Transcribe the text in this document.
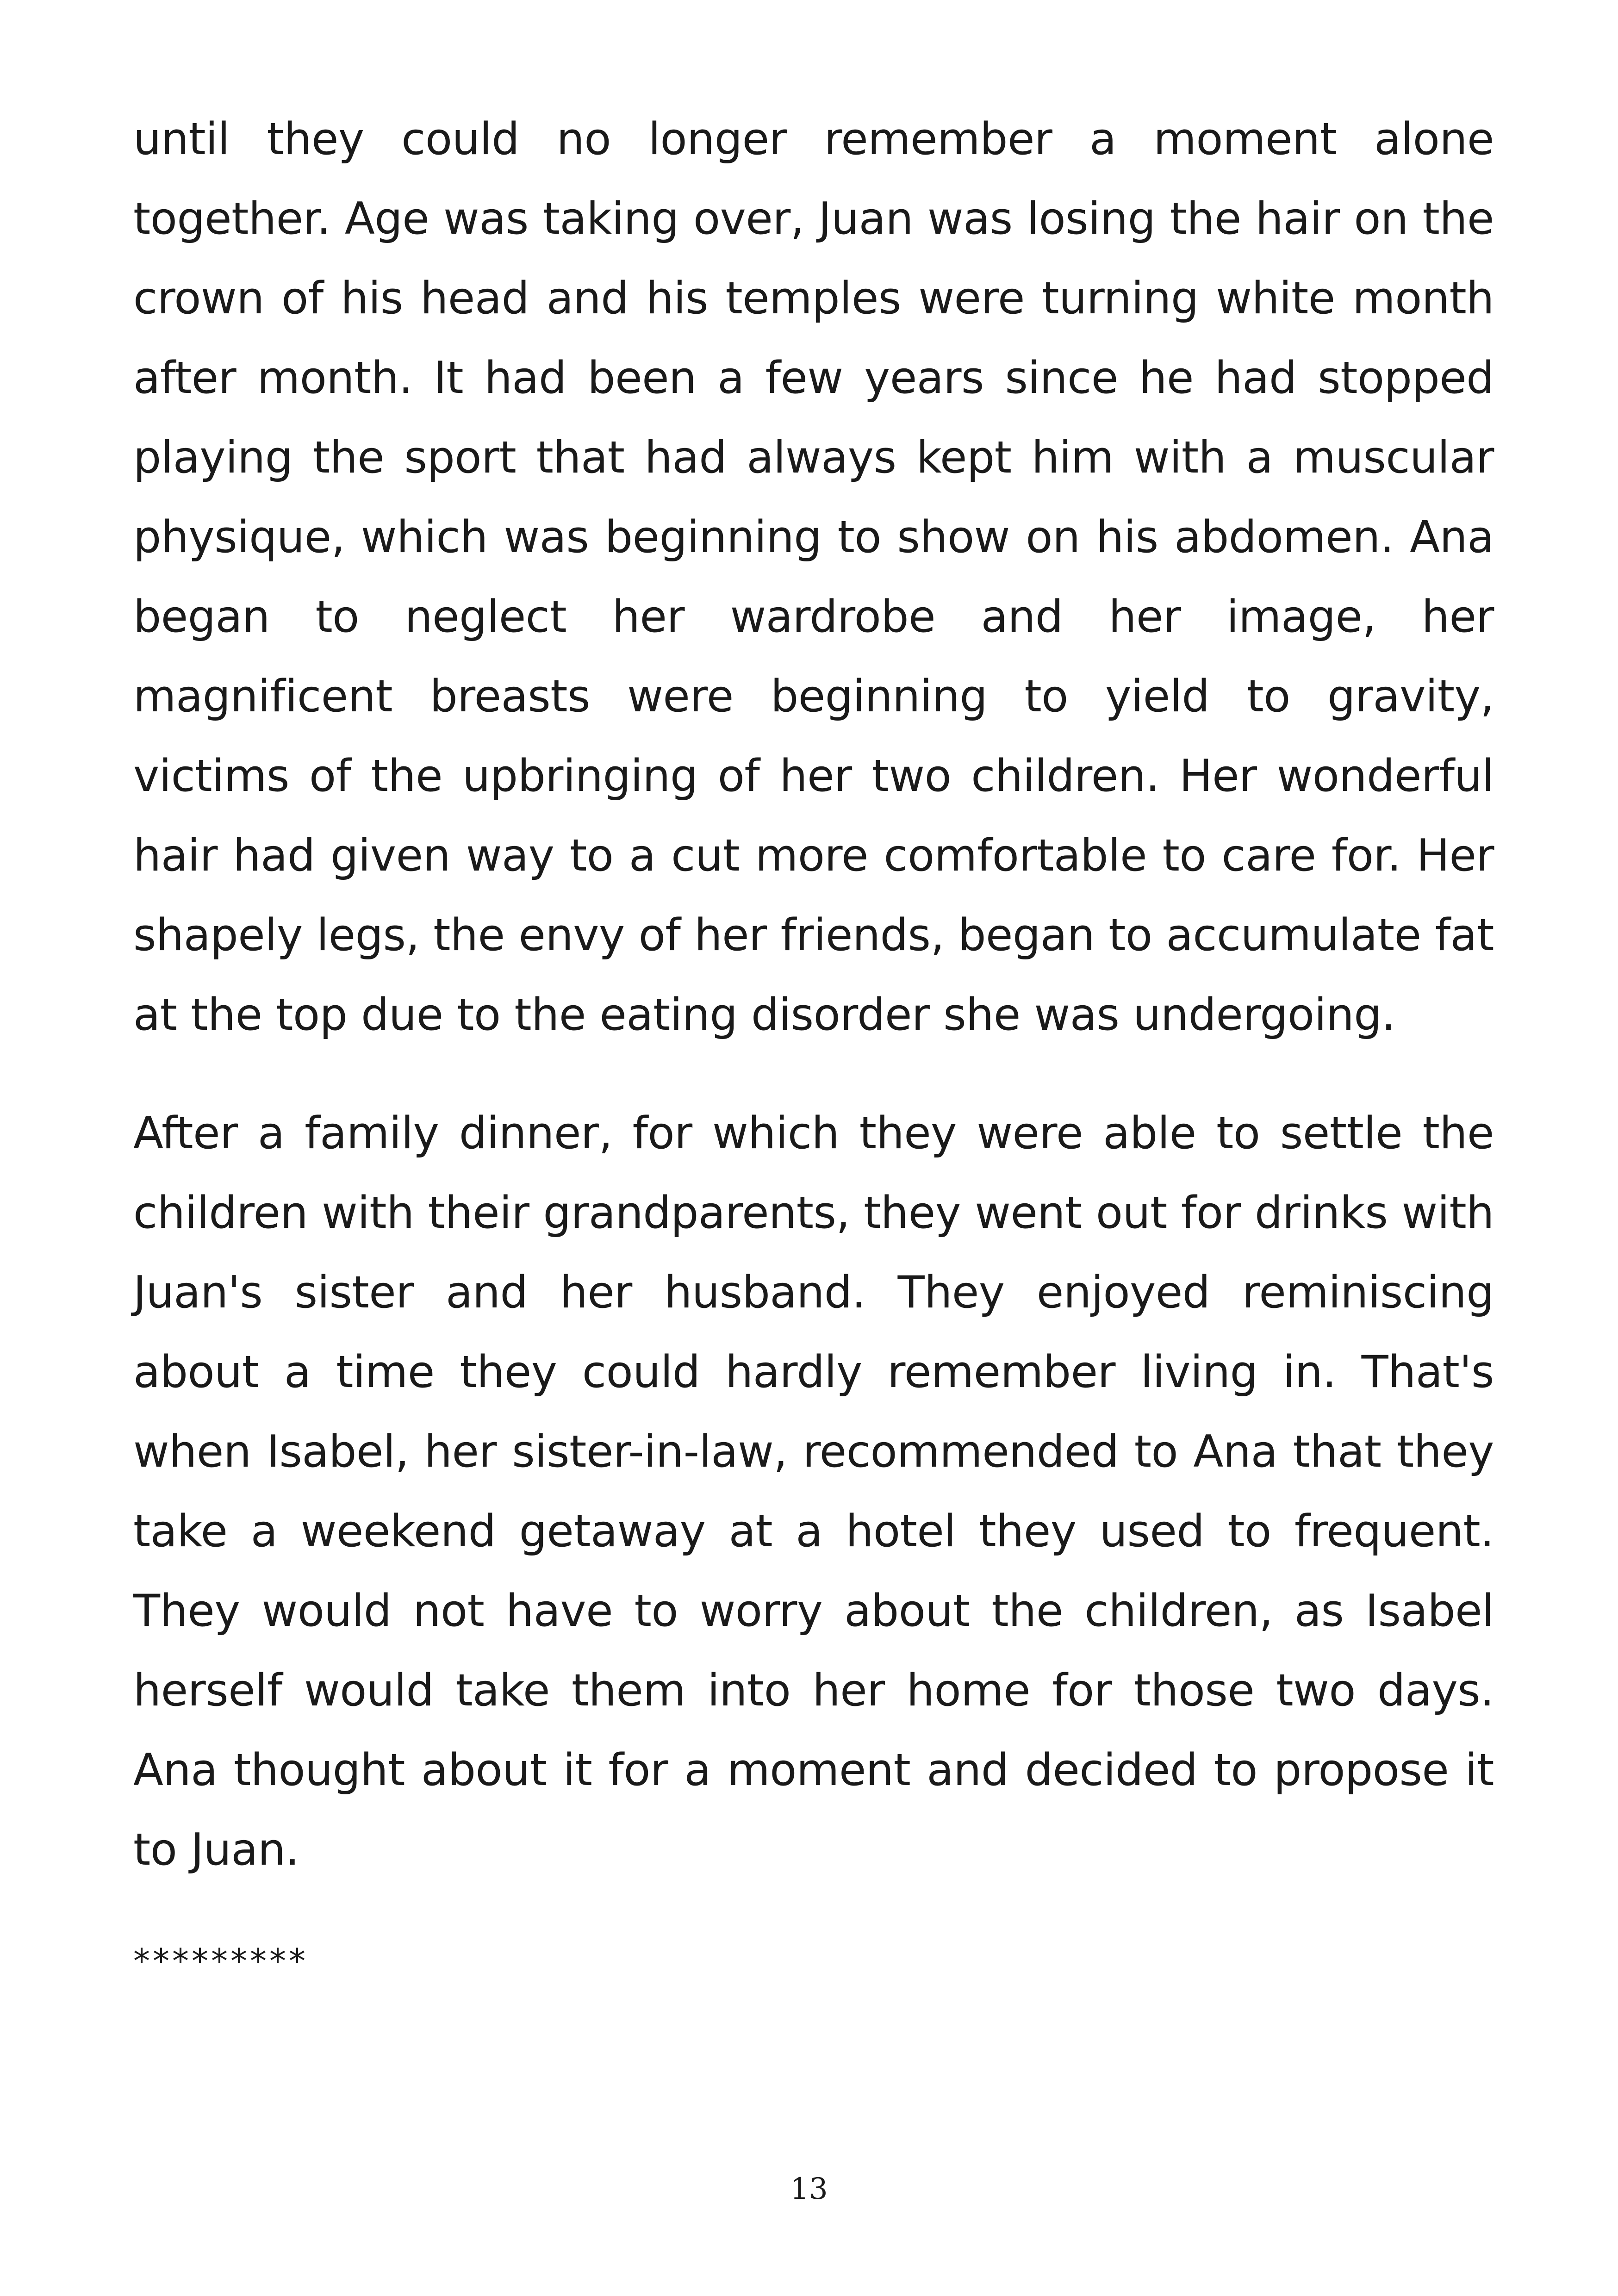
until they could no longer remember a moment alone together. Age was taking over, Juan was losing the hair on the crown of his head and his temples were turning white month after month. It had been a few years since he had stopped playing the sport that had always kept him with a muscular physique, which was beginning to show on his abdomen. Ana began to neglect her wardrobe and her image, her magnificent breasts were beginning to yield to gravity, victims of the upbringing of her two children. Her wonderful hair had given way to a cut more comfortable to care for. Her shapely legs, the envy of her friends, began to accumulate fat at the top due to the eating disorder she was undergoing.

After a family dinner, for which they were able to settle the children with their grandparents, they went out for drinks with Juan's sister and her husband. They enjoyed reminiscing about a time they could hardly remember living in. That's when Isabel, her sister-in-law, recommended to Ana that they take a weekend getaway at a hotel they used to frequent. They would not have to worry about the children, as Isabel herself would take them into her home for those two days. Ana thought about it for a moment and decided to propose it to Juan.

*********

13
